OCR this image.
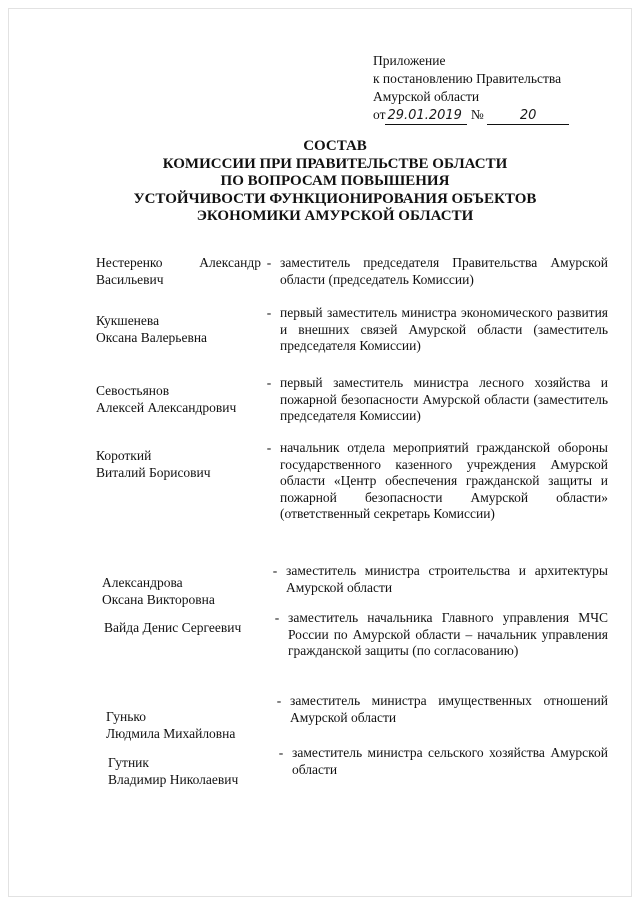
Приложение
к постановлению Правительства
Амурской области
от 29.01.2019 №	20
СОСТАВ
КОМИССИИ ПРИ ПРАВИТЕЛЬСТВЕ ОБЛАСТИ
ПО ВОПРОСАМ ПОВЫШЕНИЯ
УСТОЙЧИВОСТИ ФУНКЦИОНИРОВАНИЯ ОБЪЕКТОВ
ЭКОНОМИКИ АМУРСКОЙ ОБЛАСТИ
Нестеренко Александр
Васильевич
- заместитель председателя Правительства Амурской области (председатель Комиссии)
Кукшенева
Оксана Валерьевна
- первый заместитель министра экономического развития и внешних связей Амурской области (заместитель председателя Комиссии)
Севостьянов
Алексей Александрович
- первый заместитель министра лесного хозяйства и пожарной безопасности Амурской области (заместитель председателя Комиссии)
Короткий
Виталий Борисович
- начальник отдела мероприятий гражданской обороны государственного казенного учреждения Амурской области «Центр обеспечения гражданской защиты и пожарной безопасности Амурской области» (ответственный секретарь Комиссии)
Александрова
Оксана Викторовна
- заместитель министра строительства и архитектуры Амурской области
Вайда Денис Сергеевич
- заместитель начальника Главного управления МЧС России по Амурской области – начальник управления гражданской защиты (по согласованию)
Гунько
Людмила Михайловна
- заместитель министра имущественных отношений Амурской области
Гутник
Владимир Николаевич
- заместитель министра сельского хозяйства Амурской области
